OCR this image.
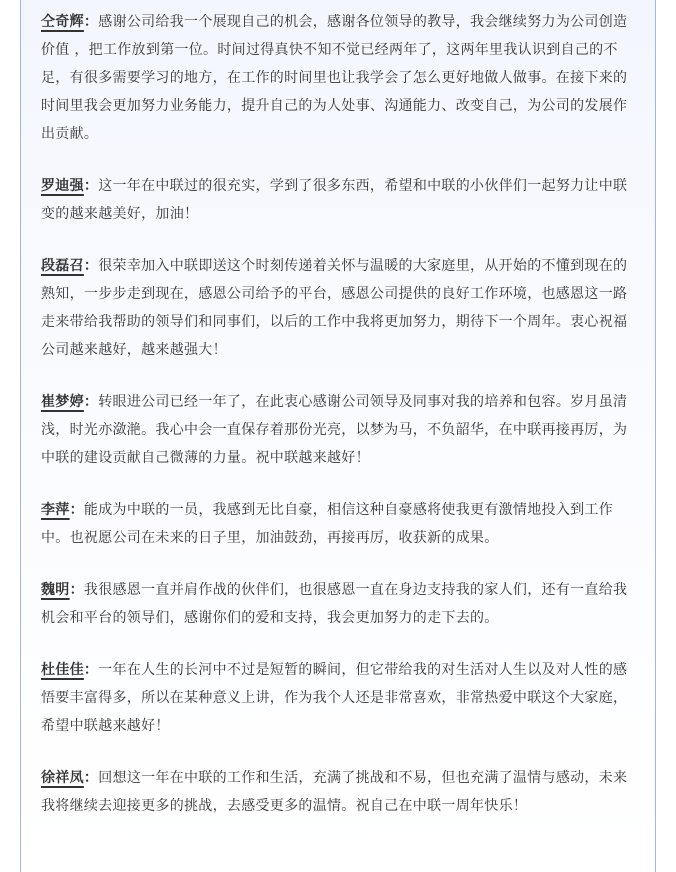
仝奇辉：感谢公司给我一个展现自己的机会，感谢各位领导的教导，我会继续努力为公司创造价值 ，把工作放到第一位。时间过得真快不知不觉已经两年了，这两年里我认识到自己的不足，有很多需要学习的地方，在工作的时间里也让我学会了怎么更好地做人做事。在接下来的时间里我会更加努力业务能力，提升自己的为人处事、沟通能力、改变自己，为公司的发展作出贡献。

罗迪强：这一年在中联过的很充实，学到了很多东西，希望和中联的小伙伴们一起努力让中联变的越来越美好，加油！

段磊召：很荣幸加入中联即送这个时刻传递着关怀与温暖的大家庭里，从开始的不懂到现在的熟知，一步步走到现在，感恩公司给予的平台，感恩公司提供的良好工作环境，也感恩这一路走来带给我帮助的领导们和同事们，以后的工作中我将更加努力，期待下一个周年。衷心祝福公司越来越好，越来越强大！

崔梦婷：转眼进公司已经一年了，在此衷心感谢公司领导及同事对我的培养和包容。岁月虽清浅，时光亦潋滟。我心中会一直保存着那份光亮，以梦为马，不负韶华，在中联再接再厉，为中联的建设贡献自己微薄的力量。祝中联越来越好！

李萍：能成为中联的一员，我感到无比自豪，相信这种自豪感将使我更有激情地投入到工作中。也祝愿公司在未来的日子里，加油鼓劲，再接再厉，收获新的成果。

魏明：我很感恩一直并肩作战的伙伴们，也很感恩一直在身边支持我的家人们，还有一直给我机会和平台的领导们，感谢你们的爱和支持，我会更加努力的走下去的。

杜佳佳：一年在人生的长河中不过是短暂的瞬间，但它带给我的对生活对人生以及对人性的感悟要丰富得多，所以在某种意义上讲，作为我个人还是非常喜欢，非常热爱中联这个大家庭，希望中联越来越好！

徐祥凤：回想这一年在中联的工作和生活，充满了挑战和不易，但也充满了温情与感动，未来我将继续去迎接更多的挑战，去感受更多的温情。祝自己在中联一周年快乐！
